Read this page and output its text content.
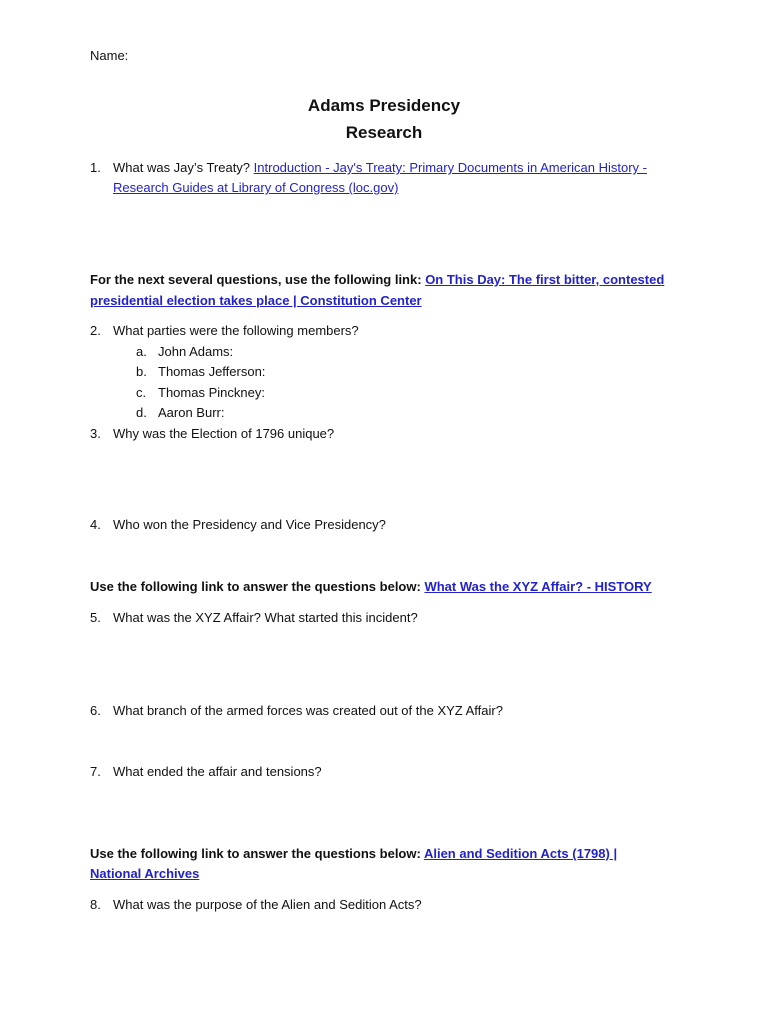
Name:
Adams Presidency
Research
1. What was Jay’s Treaty? Introduction - Jay's Treaty: Primary Documents in American History -
Research Guides at Library of Congress (loc.gov)
For the next several questions, use the following link: On This Day: The first bitter, contested
presidential election takes place | Constitution Center
2. What parties were the following members?
a. John Adams:
b. Thomas Jefferson:
c. Thomas Pinckney:
d. Aaron Burr:
3. Why was the Election of 1796 unique?
4. Who won the Presidency and Vice Presidency?
Use the following link to answer the questions below: What Was the XYZ Affair? - HISTORY
5. What was the XYZ Affair? What started this incident?
6. What branch of the armed forces was created out of the XYZ Affair?
7. What ended the affair and tensions?
Use the following link to answer the questions below: Alien and Sedition Acts (1798) |
National Archives
8. What was the purpose of the Alien and Sedition Acts?
